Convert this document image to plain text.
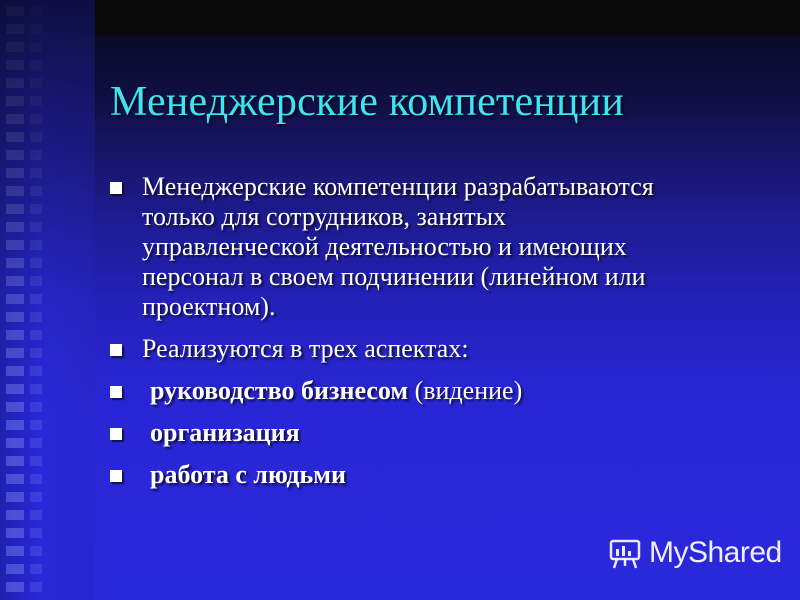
Менеджерские компетенции
Менеджерские компетенции разрабатываются
только для сотрудников, занятых
управленческой деятельностью и имеющих
персонал в своем подчинении (линейном или
проектном).
Реализуются в трех аспектах:
руководство бизнесом (видение)
организация
работа с людьми
MyShared
